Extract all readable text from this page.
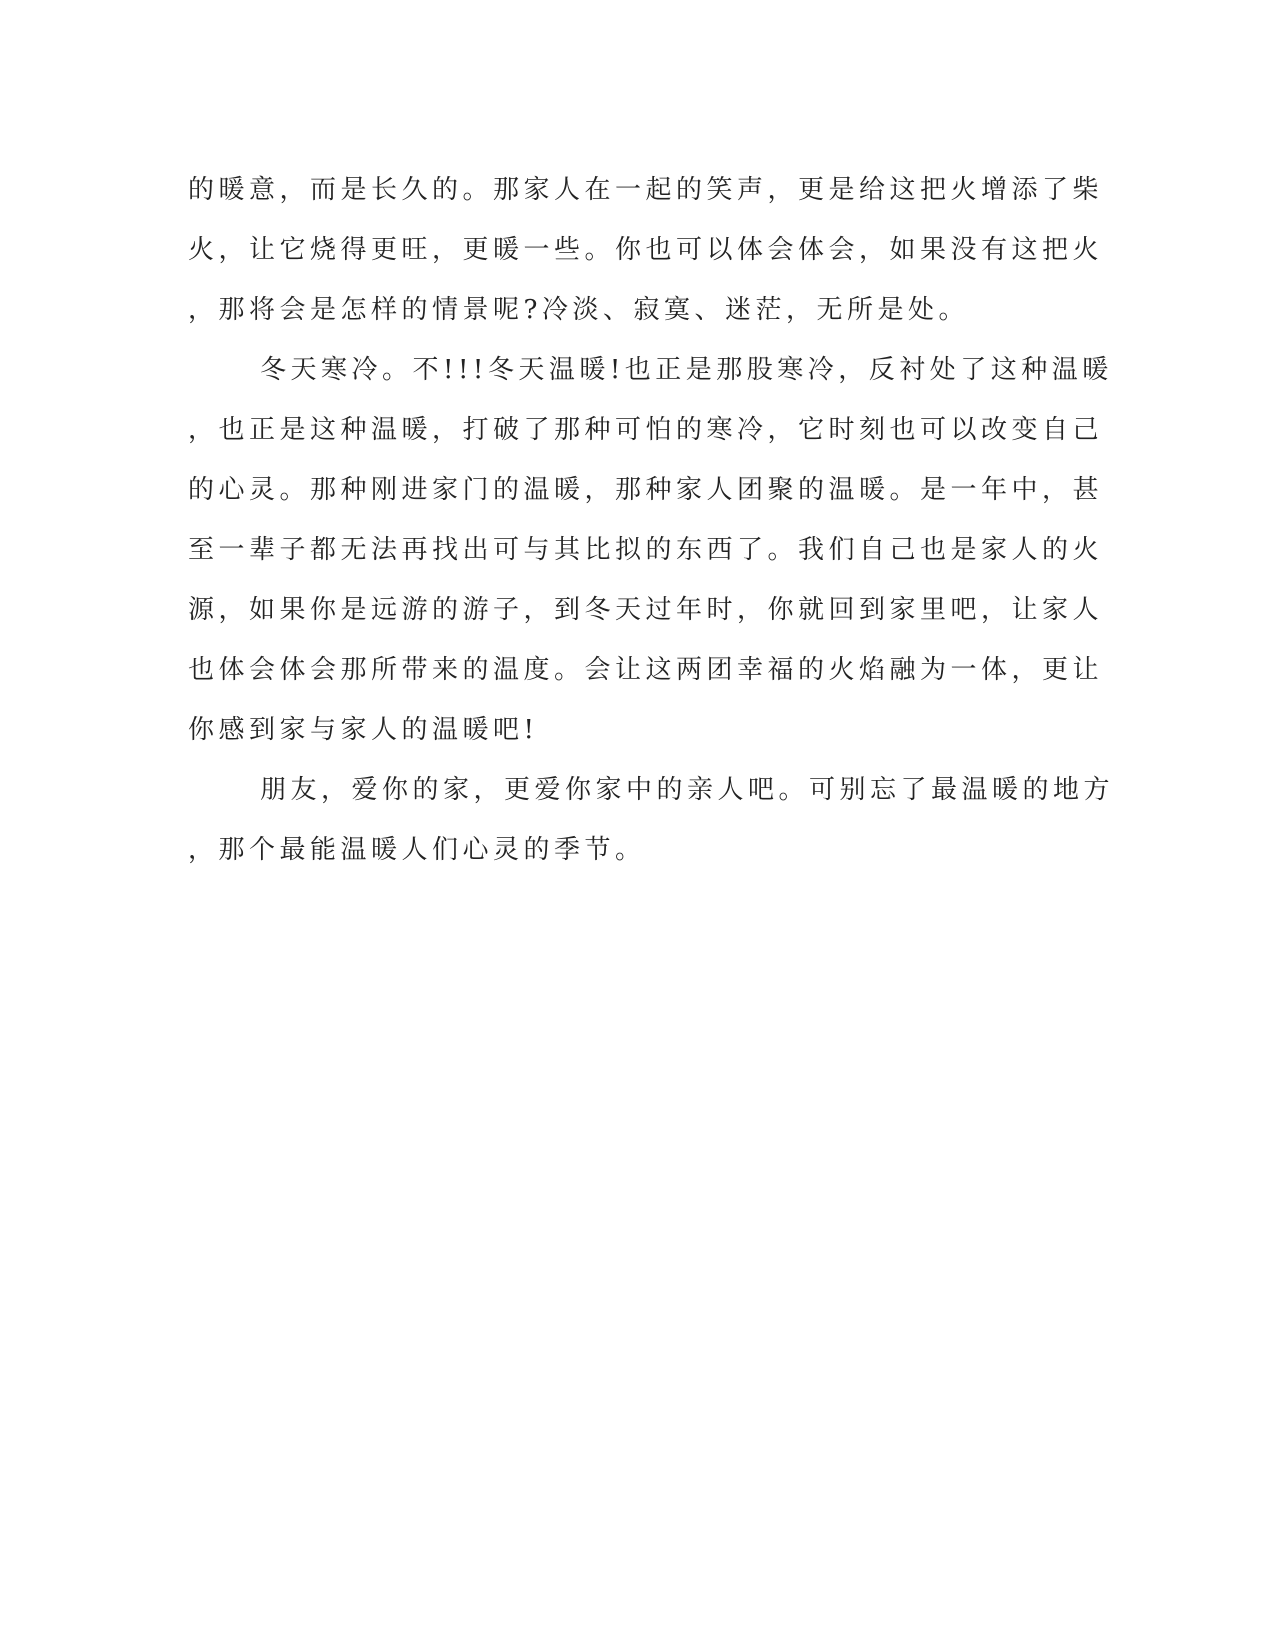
的暖意，而是长久的。那家人在一起的笑声，更是给这把火增添了柴
火，让它烧得更旺，更暖一些。你也可以体会体会，如果没有这把火
，那将会是怎样的情景呢?冷淡、寂寞、迷茫，无所是处。
冬天寒冷。不!!!冬天温暖!也正是那股寒冷，反衬处了这种温暖
，也正是这种温暖，打破了那种可怕的寒冷，它时刻也可以改变自己
的心灵。那种刚进家门的温暖，那种家人团聚的温暖。是一年中，甚
至一辈子都无法再找出可与其比拟的东西了。我们自己也是家人的火
源，如果你是远游的游子，到冬天过年时，你就回到家里吧，让家人
也体会体会那所带来的温度。会让这两团幸福的火焰融为一体，更让
你感到家与家人的温暖吧!
朋友，爱你的家，更爱你家中的亲人吧。可别忘了最温暖的地方
，那个最能温暖人们心灵的季节。
